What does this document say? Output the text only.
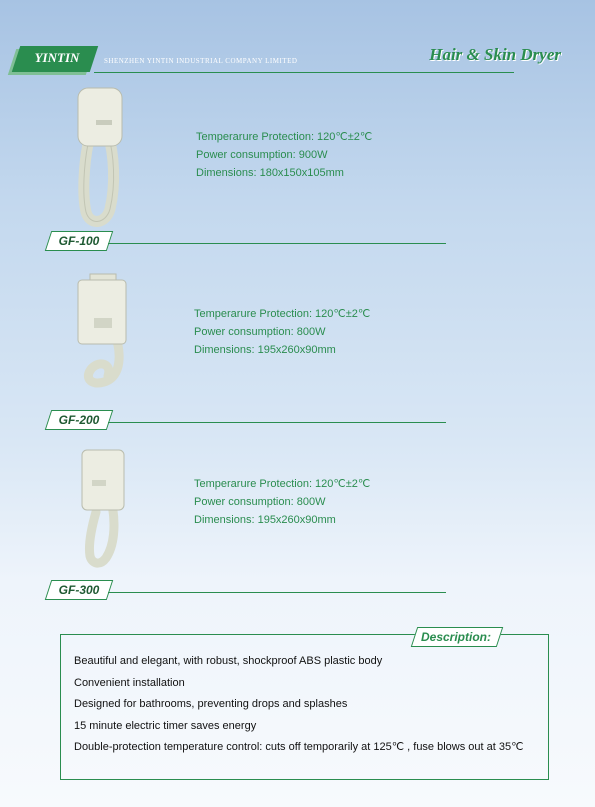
YINTIN	SHENZHEN YINTIN INDUSTRIAL COMPANY LIMITED	Hair & Skin Dryer
Temperarure Protection: 120℃±2℃
Power consumption: 900W
Dimensions: 180x150x105mm
GF-100
Temperarure Protection: 120℃±2℃
Power consumption: 800W
Dimensions: 195x260x90mm
GF-200
Temperarure Protection: 120℃±2℃
Power consumption: 800W
Dimensions: 195x260x90mm
GF-300
Description:
Beautiful and elegant, with robust, shockproof ABS plastic body
Convenient installation
Designed for bathrooms, preventing drops and splashes
15 minute electric timer saves energy
Double-protection temperature control: cuts off temporarily at 125℃ , fuse blows out at 35℃
